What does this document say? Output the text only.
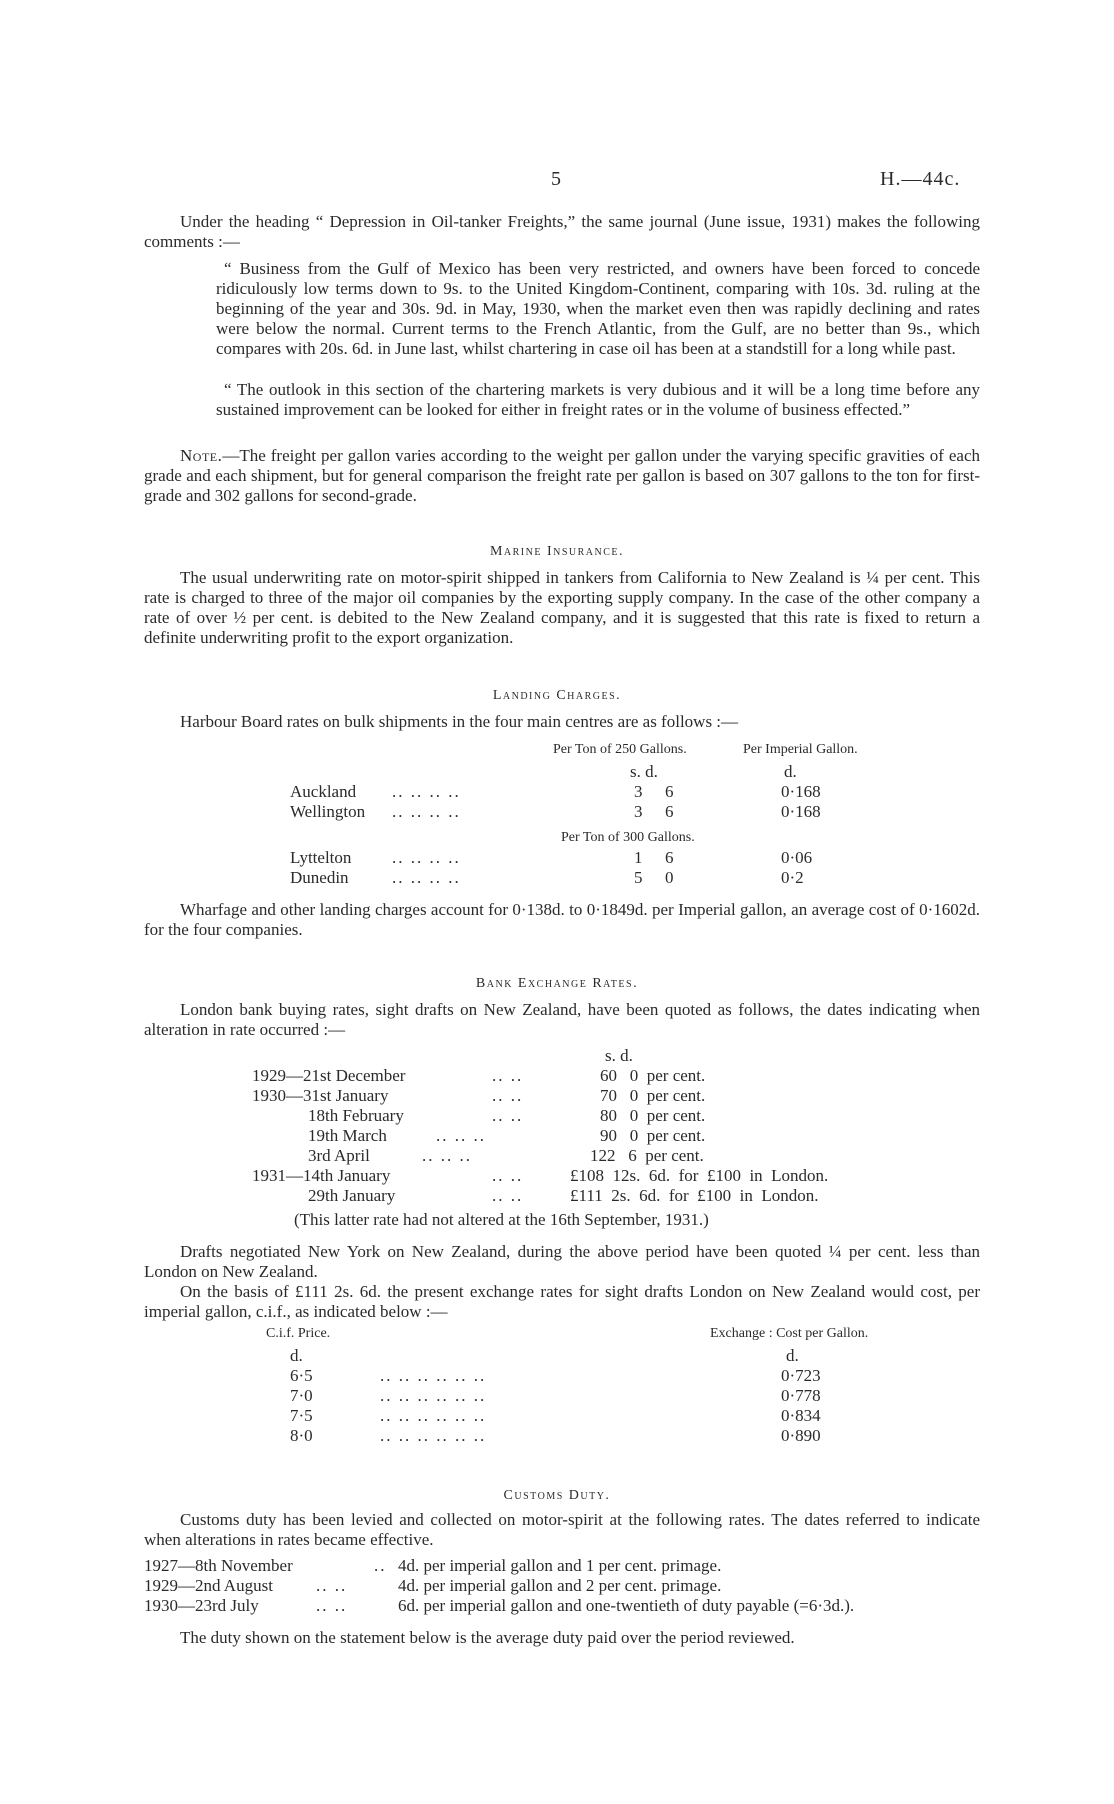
5	H.—44c.
Under the heading “ Depression in Oil-tanker Freights,” the same journal (June issue, 1931) makes the following comments :—
“ Business from the Gulf of Mexico has been very restricted, and owners have been forced to concede ridiculously low terms down to 9s. to the United Kingdom-Continent, comparing with 10s. 3d. ruling at the beginning of the year and 30s. 9d. in May, 1930, when the market even then was rapidly declining and rates were below the normal. Current terms to the French Atlantic, from the Gulf, are no better than 9s., which compares with 20s. 6d. in June last, whilst chartering in case oil has been at a standstill for a long while past.
“ The outlook in this section of the chartering markets is very dubious and it will be a long time before any sustained improvement can be looked for either in freight rates or in the volume of business effected.”
Note.—The freight per gallon varies according to the weight per gallon under the varying specific gravities of each grade and each shipment, but for general comparison the freight rate per gallon is based on 307 gallons to the ton for first-grade and 302 gallons for second-grade.
Marine Insurance.
The usual underwriting rate on motor-spirit shipped in tankers from California to New Zealand is ¼ per cent. This rate is charged to three of the major oil companies by the exporting supply company. In the case of the other company a rate of over ½ per cent. is debited to the New Zealand company, and it is suggested that this rate is fixed to return a definite underwriting profit to the export organization.
Landing Charges.
Harbour Board rates on bulk shipments in the four main centres are as follows :—
Per Ton of 250 Gallons.	Per Imperial Gallon.
s. d.	d.
Auckland .. .. .. ..	3 6	0·168
Wellington .. .. .. ..	3 6	0·168
Per Ton of 300 Gallons.
Lyttelton .. .. .. ..	1 6	0·06
Dunedin	.. .. .. ..	5 0	0·2
Wharfage and other landing charges account for 0·138d. to 0·1849d. per Imperial gallon, an average cost of 0·1602d. for the four companies.
Bank Exchange Rates.
London bank buying rates, sight drafts on New Zealand, have been quoted as follows, the dates indicating when alteration in rate occurred :—
s. d.
1929—21st December	.. ..	60   0  per cent.
1930—31st January	.. ..	70   0  per cent.
18th February	.. ..	80   0  per cent.
19th March	.. .. ..	90   0  per cent.
3rd April	.. .. ..	122   6  per cent.
1931—14th January	.. ..	£108  12s.  6d.  for  £100  in  London.
29th January	.. ..	£111  2s.  6d.  for  £100  in  London.
(This latter rate had not altered at the 16th September, 1931.)
Drafts negotiated New York on New Zealand, during the above period have been quoted ¼ per cent. less than London on New Zealand.
On the basis of £111 2s. 6d. the present exchange rates for sight drafts London on New Zealand would cost, per imperial gallon, c.i.f., as indicated below :—
C.i.f. Price.	Exchange : Cost per Gallon.
d.	d.
6·5	.. .. .. .. .. ..	0·723
7·0	.. .. .. .. .. ..	0·778
7·5	.. .. .. .. .. ..	0·834
8·0	.. .. .. .. .. ..	0·890
Customs Duty.
Customs duty has been levied and collected on motor-spirit at the following rates. The dates referred to indicate when alterations in rates became effective.
1927—8th November	.. 4d. per imperial gallon and 1 per cent. primage.
1929—2nd August	.. ..	4d. per imperial gallon and 2 per cent. primage.
1930—23rd July	.. ..	6d. per imperial gallon and one-twentieth of duty payable (=6·3d.).
The duty shown on the statement below is the average duty paid over the period reviewed.
